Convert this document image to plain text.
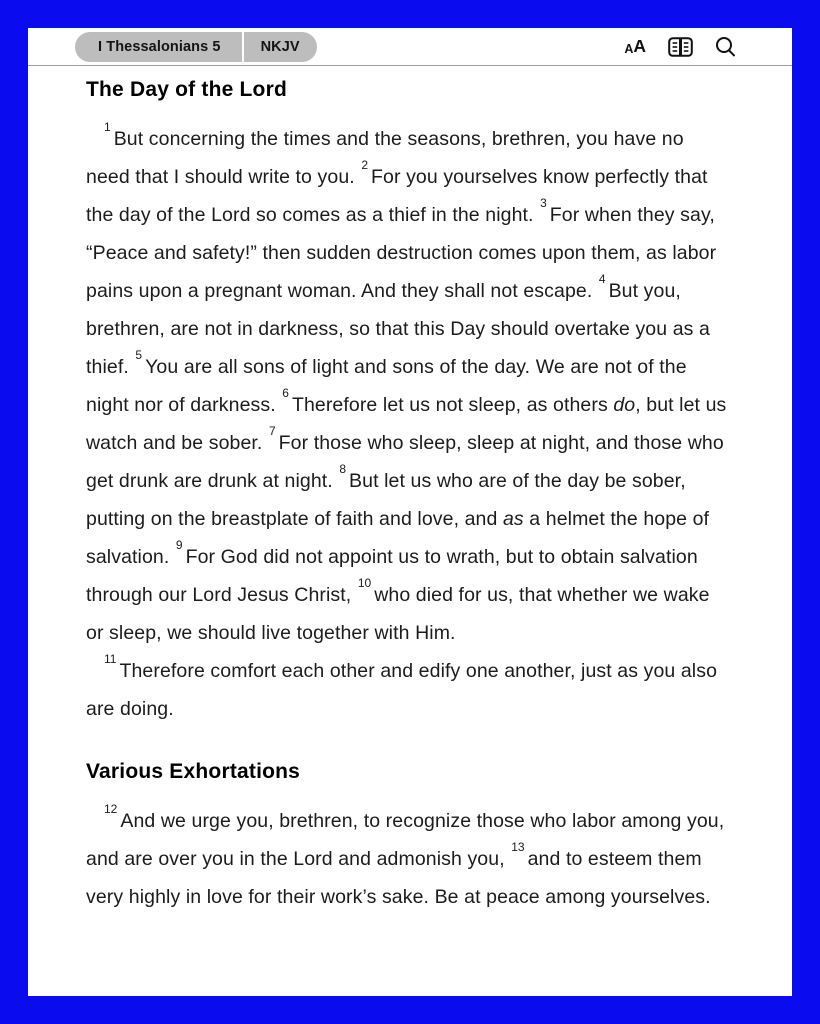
I Thessalonians 5	NKJV	A A
The Day of the Lord

$^1$But concerning the times and the seasons, brethren, you have no need that I should write to you. $^2$For you yourselves know perfectly that the day of the Lord so comes as a thief in the night. $^3$For when they say, “Peace and safety!” then sudden destruction comes upon them, as labor pains upon a pregnant woman. And they shall not escape. $^4$But you, brethren, are not in darkness, so that this Day should overtake you as a thief. $^5$You are all sons of light and sons of the day. We are not of the night nor of darkness. $^6$Therefore let us not sleep, as others do, but let us watch and be sober. $^7$For those who sleep, sleep at night, and those who get drunk are drunk at night. $^8$But let us who are of the day be sober, putting on the breastplate of faith and love, and as a helmet the hope of salvation. $^9$For God did not appoint us to wrath, but to obtain salvation through our Lord Jesus Christ, $^{10}$who died for us, that whether we wake or sleep, we should live together with Him.

$^{11}$Therefore comfort each other and edify one another, just as you also are doing.

Various Exhortations

$^{12}$And we urge you, brethren, to recognize those who labor among you, and are over you in the Lord and admonish you, $^{13}$and to esteem them very highly in love for their work’s sake. Be at peace among yourselves.
